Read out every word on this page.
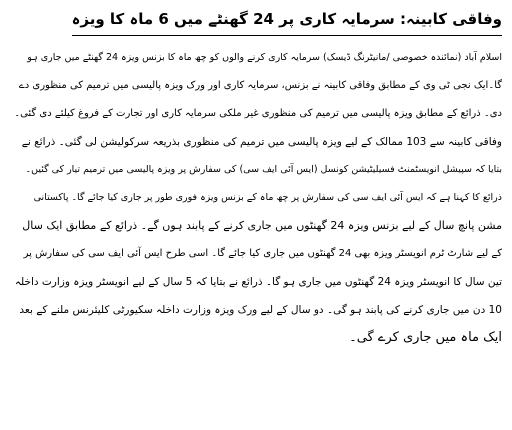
وفاقی کابینہ: سرمایہ کاری پر 24 گھنٹے میں 6 ماہ کا ویزہ
اسلام آباد (نمائندہ خصوصی /مانیٹرنگ ڈیسک) سرمایہ کاری کرنے والوں کو چھ ماہ کا بزنس ویزہ 24 گھنٹے میں جاری ہو
گا۔ایک نجی ٹی وی کے مطابق وفاقی کابینہ نے بزنس، سرمایہ کاری اور ورک ویزہ پالیسی میں ترمیم کی منظوری دے
دی۔ ذرائع کے مطابق ویزہ پالیسی میں ترمیم کی منظوری غیر ملکی سرمایہ کاری اور تجارت کے فروغ کیلئے دی گئی۔
وفاقی کابینہ سے 103 ممالک کے لیے ویزہ پالیسی میں ترمیم کی منظوری بذریعہ سرکولیشن لی گئی۔ ذرائع نے
بتایا کہ سپیشل انویسٹمنٹ فسیلیٹیشن کونسل (ایس آئی ایف سی) کی سفارش پر ویزہ پالیسی میں ترمیم تیار کی گئیں۔
ذرائع کا کہنا ہے کہ ایس آئی ایف سی کی سفارش پر چھ ماہ کے بزنس ویزہ فوری طور پر جاری کیا جائے گا۔ پاکستانی
مشن پانچ سال کے لیے بزنس ویزہ 24 گھنٹوں میں جاری کرنے کے پابند ہوں گے۔ ذرائع کے مطابق ایک سال
کے لیے شارٹ ٹرم انویسٹر ویزہ بھی 24 گھنٹوں میں جاری کیا جائے گا۔ اسی طرح ایس آئی ایف سی کی سفارش پر
تین سال کا انویسٹر ویزہ 24 گھنٹوں میں جاری ہو گا۔ ذرائع نے بتایا کہ 5 سال کے لیے انویسٹر ویزہ وزارت داخلہ
10 دن میں جاری کرنے کی پابند ہو گی۔ دو سال کے لیے ورک ویزہ وزارت داخلہ سکیورٹی کلیئرنس ملنے کے بعد
ایک ماہ میں جاری کرے گی۔
